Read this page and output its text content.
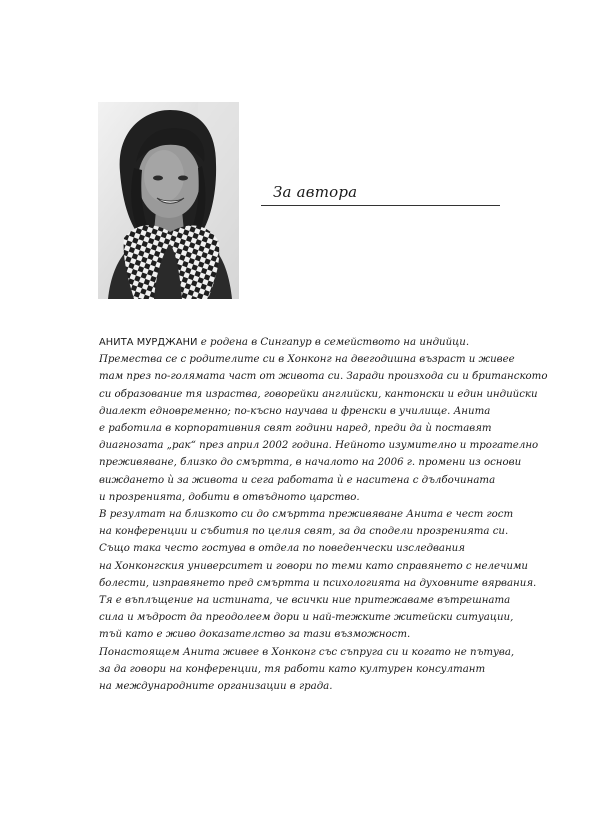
За автора
АНИТА МУРДЖАНИ е родена в Сингапур в семейството на индийци.
Премества се с родителите си в Хонконг на двегодишна възраст и живее
там през по-голямата част от живота си. Заради произхода си и британското
си образование тя израства, говорейки английски, кантонски и един индийски
диалект едновременно; по-късно научава и френски в училище. Анита
е работила в корпоративния свят години наред, преди да ѝ поставят
диагнозата „рак“ през април 2002 година. Нейното изумително и трогателно
преживяване, близко до смъртта, в началото на 2006 г. промени из основи
виждането ѝ за живота и сега работата ѝ е наситена с дълбочината
и прозренията, добити в отвъдното царство.
В резултат на близкото си до смъртта преживяване Анита е чест гост
на конференции и събития по целия свят, за да сподели прозренията си.
Също така често гостува в отдела по поведенчески изследвания
на Хонконгския университет и говори по теми като справянето с нелечими
болести, изправянето пред смъртта и психологията на духовните вярвания.
Тя е въплъщение на истината, че всички ние притежаваме вътрешната
сила и мъдрост да преодолеем дори и най-тежките житейски ситуации,
тъй като е живо доказателство за тази възможност.
Понастоящем Анита живее в Хонконг със съпруга си и когато не пътува,
за да говори на конференции, тя работи като културен консултант
на международните организации в града.
